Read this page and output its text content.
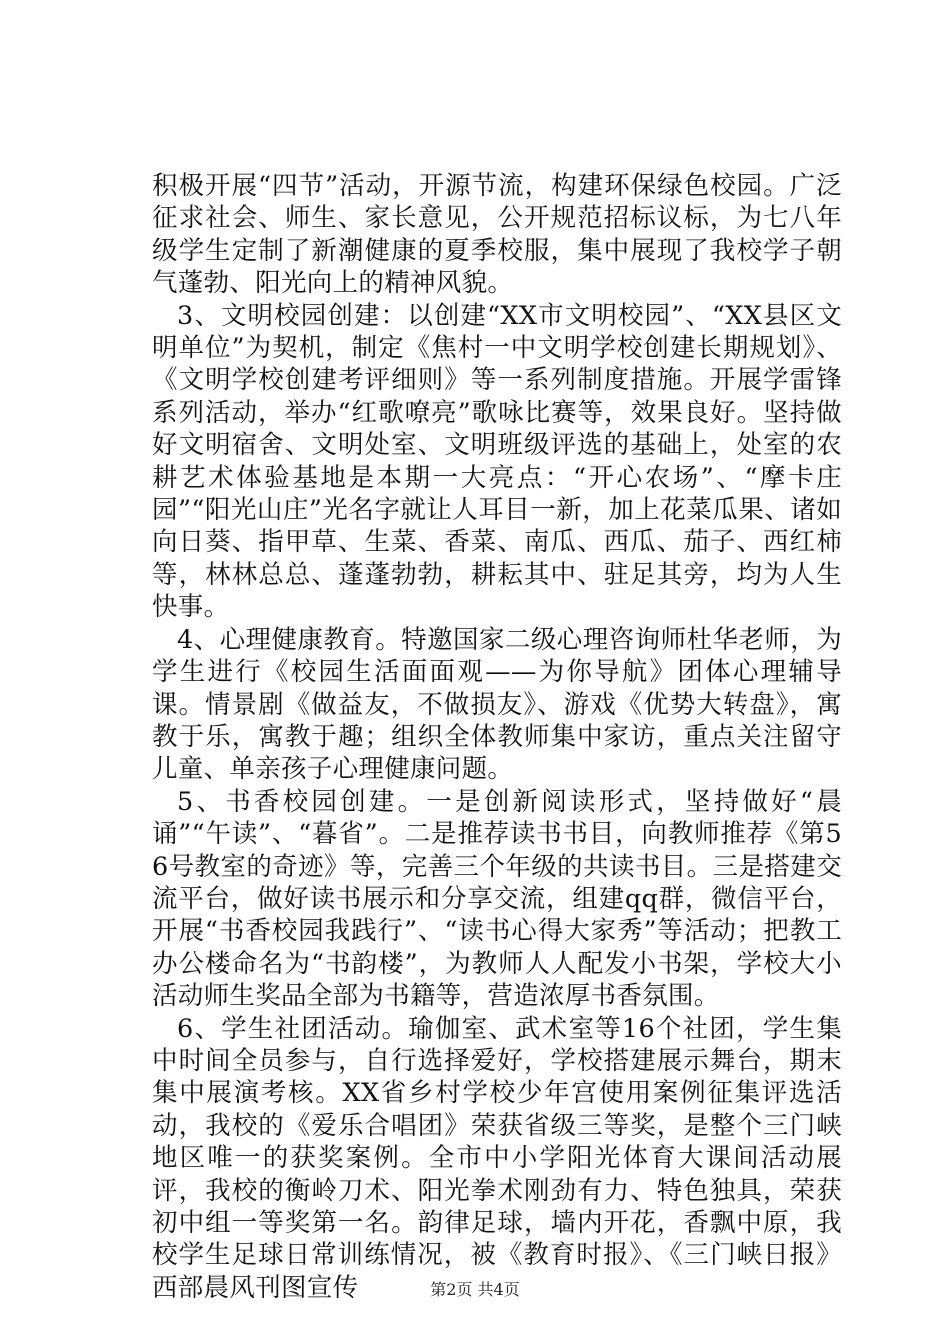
积极开展“四节”活动，开源节流，构建环保绿色校园。广泛征求社会、师生、家长意见，公开规范招标议标，为七八年级学生定制了新潮健康的夏季校服，集中展现了我校学子朝气蓬勃、阳光向上的精神风貌。

3、文明校园创建：以创建“XX市文明校园”、“XX县区文明单位”为契机，制定《焦村一中文明学校创建长期规划》、《文明学校创建考评细则》等一系列制度措施。开展学雷锋系列活动，举办“红歌嘹亮”歌咏比赛等，效果良好。坚持做好文明宿舍、文明处室、文明班级评选的基础上，处室的农耕艺术体验基地是本期一大亮点：“开心农场”、“摩卡庄园”“阳光山庄”光名字就让人耳目一新，加上花菜瓜果、诸如向日葵、指甲草、生菜、香菜、南瓜、西瓜、茄子、西红柿等，林林总总、蓬蓬勃勃，耕耘其中、驻足其旁，均为人生快事。

4、心理健康教育。特邀国家二级心理咨询师杜华老师，为学生进行《校园生活面面观——为你导航》团体心理辅导课。情景剧《做益友，不做损友》、游戏《优势大转盘》，寓教于乐，寓教于趣；组织全体教师集中家访，重点关注留守儿童、单亲孩子心理健康问题。

5、书香校园创建。一是创新阅读形式，坚持做好“晨诵”“午读”、“暮省”。二是推荐读书书目，向教师推荐《第56号教室的奇迹》等，完善三个年级的共读书目。三是搭建交流平台，做好读书展示和分享交流，组建qq群，微信平台，开展“书香校园我践行”、“读书心得大家秀”等活动；把教工办公楼命名为“书韵楼”，为教师人人配发小书架，学校大小活动师生奖品全部为书籍等，营造浓厚书香氛围。

6、学生社团活动。瑜伽室、武术室等16个社团，学生集中时间全员参与，自行选择爱好，学校搭建展示舞台，期末集中展演考核。XX省乡村学校少年宫使用案例征集评选活动，我校的《爱乐合唱团》荣获省级三等奖，是整个三门峡地区唯一的获奖案例。全市中小学阳光体育大课间活动展评，我校的衡岭刀术、阳光拳术刚劲有力、特色独具，荣获初中组一等奖第一名。韵律足球，墙内开花，香飘中原，我校学生足球日常训练情况，被《教育时报》、《三门峡日报》西部晨风刊图宣传	第2页 共4页
